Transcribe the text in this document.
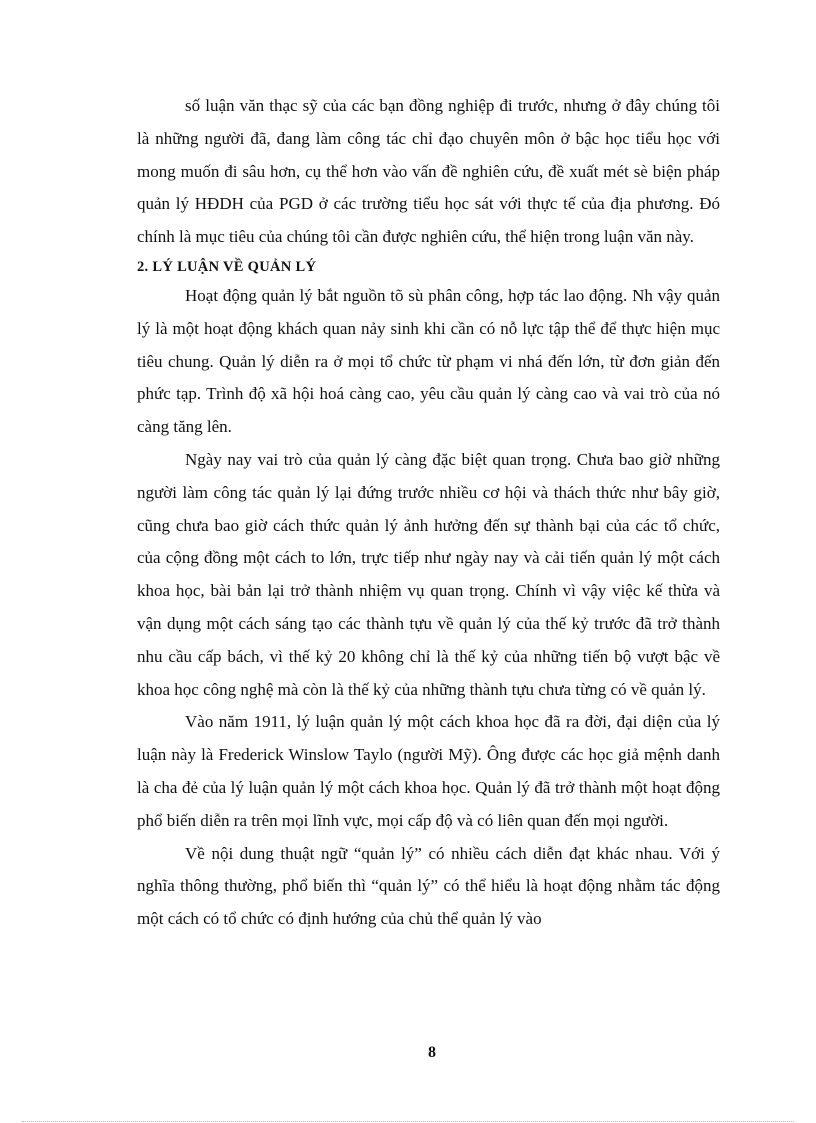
số luận văn thạc sỹ của các bạn đồng nghiệp đi trước, nhưng ở đây chúng tôi là những người đã, đang làm công tác chỉ đạo chuyên môn ở bậc học tiểu học với mong muốn đi sâu hơn, cụ thể hơn vào vấn đề nghiên cứu, đề xuất mét sè biện pháp quản lý HĐDH của PGD ở các trường tiểu học sát với thực tế của địa phương. Đó chính là mục tiêu của chúng tôi cần được nghiên cứu, thể hiện trong luận văn này.

2. LÝ LUẬN VỀ QUẢN LÝ

Hoạt động quản lý bắt nguồn tõ sù phân công, hợp tác lao động. Nh vậy quản lý là một hoạt động khách quan nảy sinh khi cần có nỗ lực tập thể để thực hiện mục tiêu chung. Quản lý diễn ra ở mọi tổ chức từ phạm vi nhá đến lớn, từ đơn giản đến phức tạp. Trình độ xã hội hoá càng cao, yêu cầu quản lý càng cao và vai trò của nó càng tăng lên.

Ngày nay vai trò của quản lý càng đặc biệt quan trọng. Chưa bao giờ những người làm công tác quản lý lại đứng trước nhiều cơ hội và thách thức như bây giờ, cũng chưa bao giờ cách thức quản lý ảnh hưởng đến sự thành bại của các tổ chức, của cộng đồng một cách to lớn, trực tiếp như ngày nay và cải tiến quản lý một cách khoa học, bài bản lại trở thành nhiệm vụ quan trọng. Chính vì vậy việc kế thừa và vận dụng một cách sáng tạo các thành tựu về quản lý của thế kỷ trước đã trở thành nhu cầu cấp bách, vì thế kỷ 20 không chỉ là thế kỷ của những tiến bộ vượt bậc về khoa học công nghệ mà còn là thế kỷ của những thành tựu chưa từng có về quản lý.

Vào năm 1911, lý luận quản lý một cách khoa học đã ra đời, đại diện của lý luận này là Frederick Winslow Taylo (người Mỹ). Ông được các học giả mệnh danh là cha đẻ của lý luận quản lý một cách khoa học. Quản lý đã trở thành một hoạt động phổ biến diễn ra trên mọi lĩnh vực, mọi cấp độ và có liên quan đến mọi người.

Về nội dung thuật ngữ “quản lý” có nhiều cách diễn đạt khác nhau. Với ý nghĩa thông thường, phổ biến thì “quản lý” có thể hiểu là hoạt động nhằm tác động một cách có tổ chức có định hướng của chủ thể quản lý vào

8
